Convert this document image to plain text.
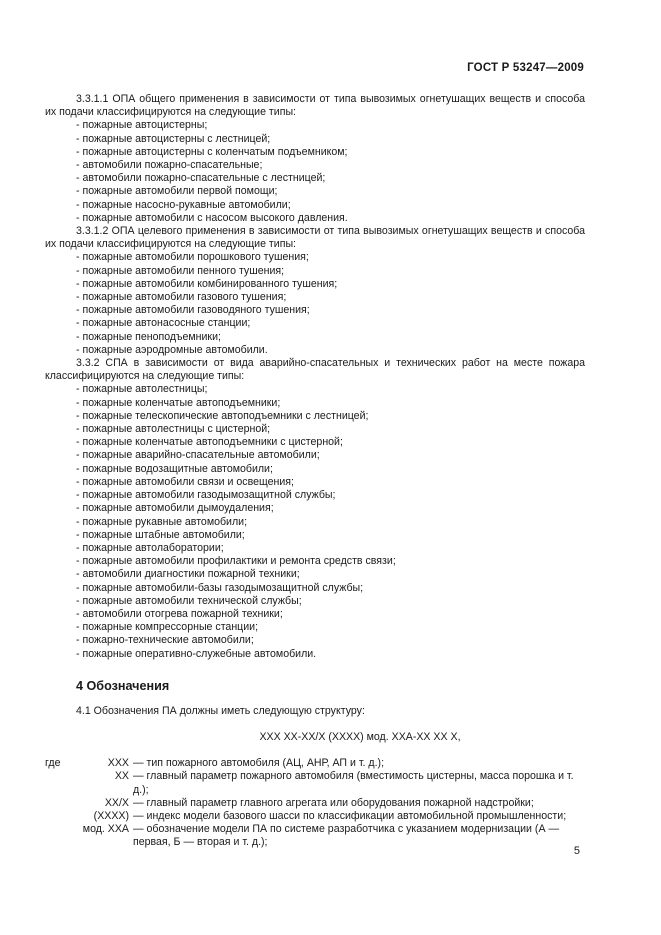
ГОСТ Р 53247—2009

3.3.1.1 ОПА общего применения в зависимости от типа вывозимых огнетушащих веществ и способа их подачи классифицируются на следующие типы:

- пожарные автоцистерны;
- пожарные автоцистерны с лестницей;
- пожарные автоцистерны с коленчатым подъемником;
- автомобили пожарно-спасательные;
- автомобили пожарно-спасательные с лестницей;
- пожарные автомобили первой помощи;
- пожарные насосно-рукавные автомобили;
- пожарные автомобили с насосом высокого давления.

3.3.1.2 ОПА целевого применения в зависимости от типа вывозимых огнетушащих веществ и способа их подачи классифицируются на следующие типы:

- пожарные автомобили порошкового тушения;
- пожарные автомобили пенного тушения;
- пожарные автомобили комбинированного тушения;
- пожарные автомобили газового тушения;
- пожарные автомобили газоводяного тушения;
- пожарные автонасосные станции;
- пожарные пеноподъемники;
- пожарные аэродромные автомобили.

3.3.2 СПА в зависимости от вида аварийно-спасательных и технических работ на месте пожара классифицируются на следующие типы:

- пожарные автолестницы;
- пожарные коленчатые автоподъемники;
- пожарные телескопические автоподъемники с лестницей;
- пожарные автолестницы с цистерной;
- пожарные коленчатые автоподъемники с цистерной;
- пожарные аварийно-спасательные автомобили;
- пожарные водозащитные автомобили;
- пожарные автомобили связи и освещения;
- пожарные автомобили газодымозащитной службы;
- пожарные автомобили дымоудаления;
- пожарные рукавные автомобили;
- пожарные штабные автомобили;
- пожарные автолаборатории;
- пожарные автомобили профилактики и ремонта средств связи;
- автомобили диагностики пожарной техники;
- пожарные автомобили-базы газодымозащитной службы;
- пожарные автомобили технической службы;
- автомобили отогрева пожарной техники;
- пожарные компрессорные станции;
- пожарно-технические автомобили;
- пожарные оперативно-служебные автомобили.
4 Обозначения

4.1 Обозначения ПА должны иметь следующую структуру:

ХХХ ХХ-ХХ/Х (ХХХХ) мод. ХХА-ХХ ХХ Х,
где	ХХХ — тип пожарного автомобиля (АЦ, АНР, АП и т. д.);
ХХ — главный параметр пожарного автомобиля (вместимость цистерны, масса порошка и т. д.);
ХХ/Х — главный параметр главного агрегата или оборудования пожарной надстройки;
(ХХХХ) — индекс модели базового шасси по классификации автомобильной промышленности;
мод. ХХА — обозначение модели ПА по системе разработчика с указанием модернизации (А — первая, Б — вторая и т. д.);
5
